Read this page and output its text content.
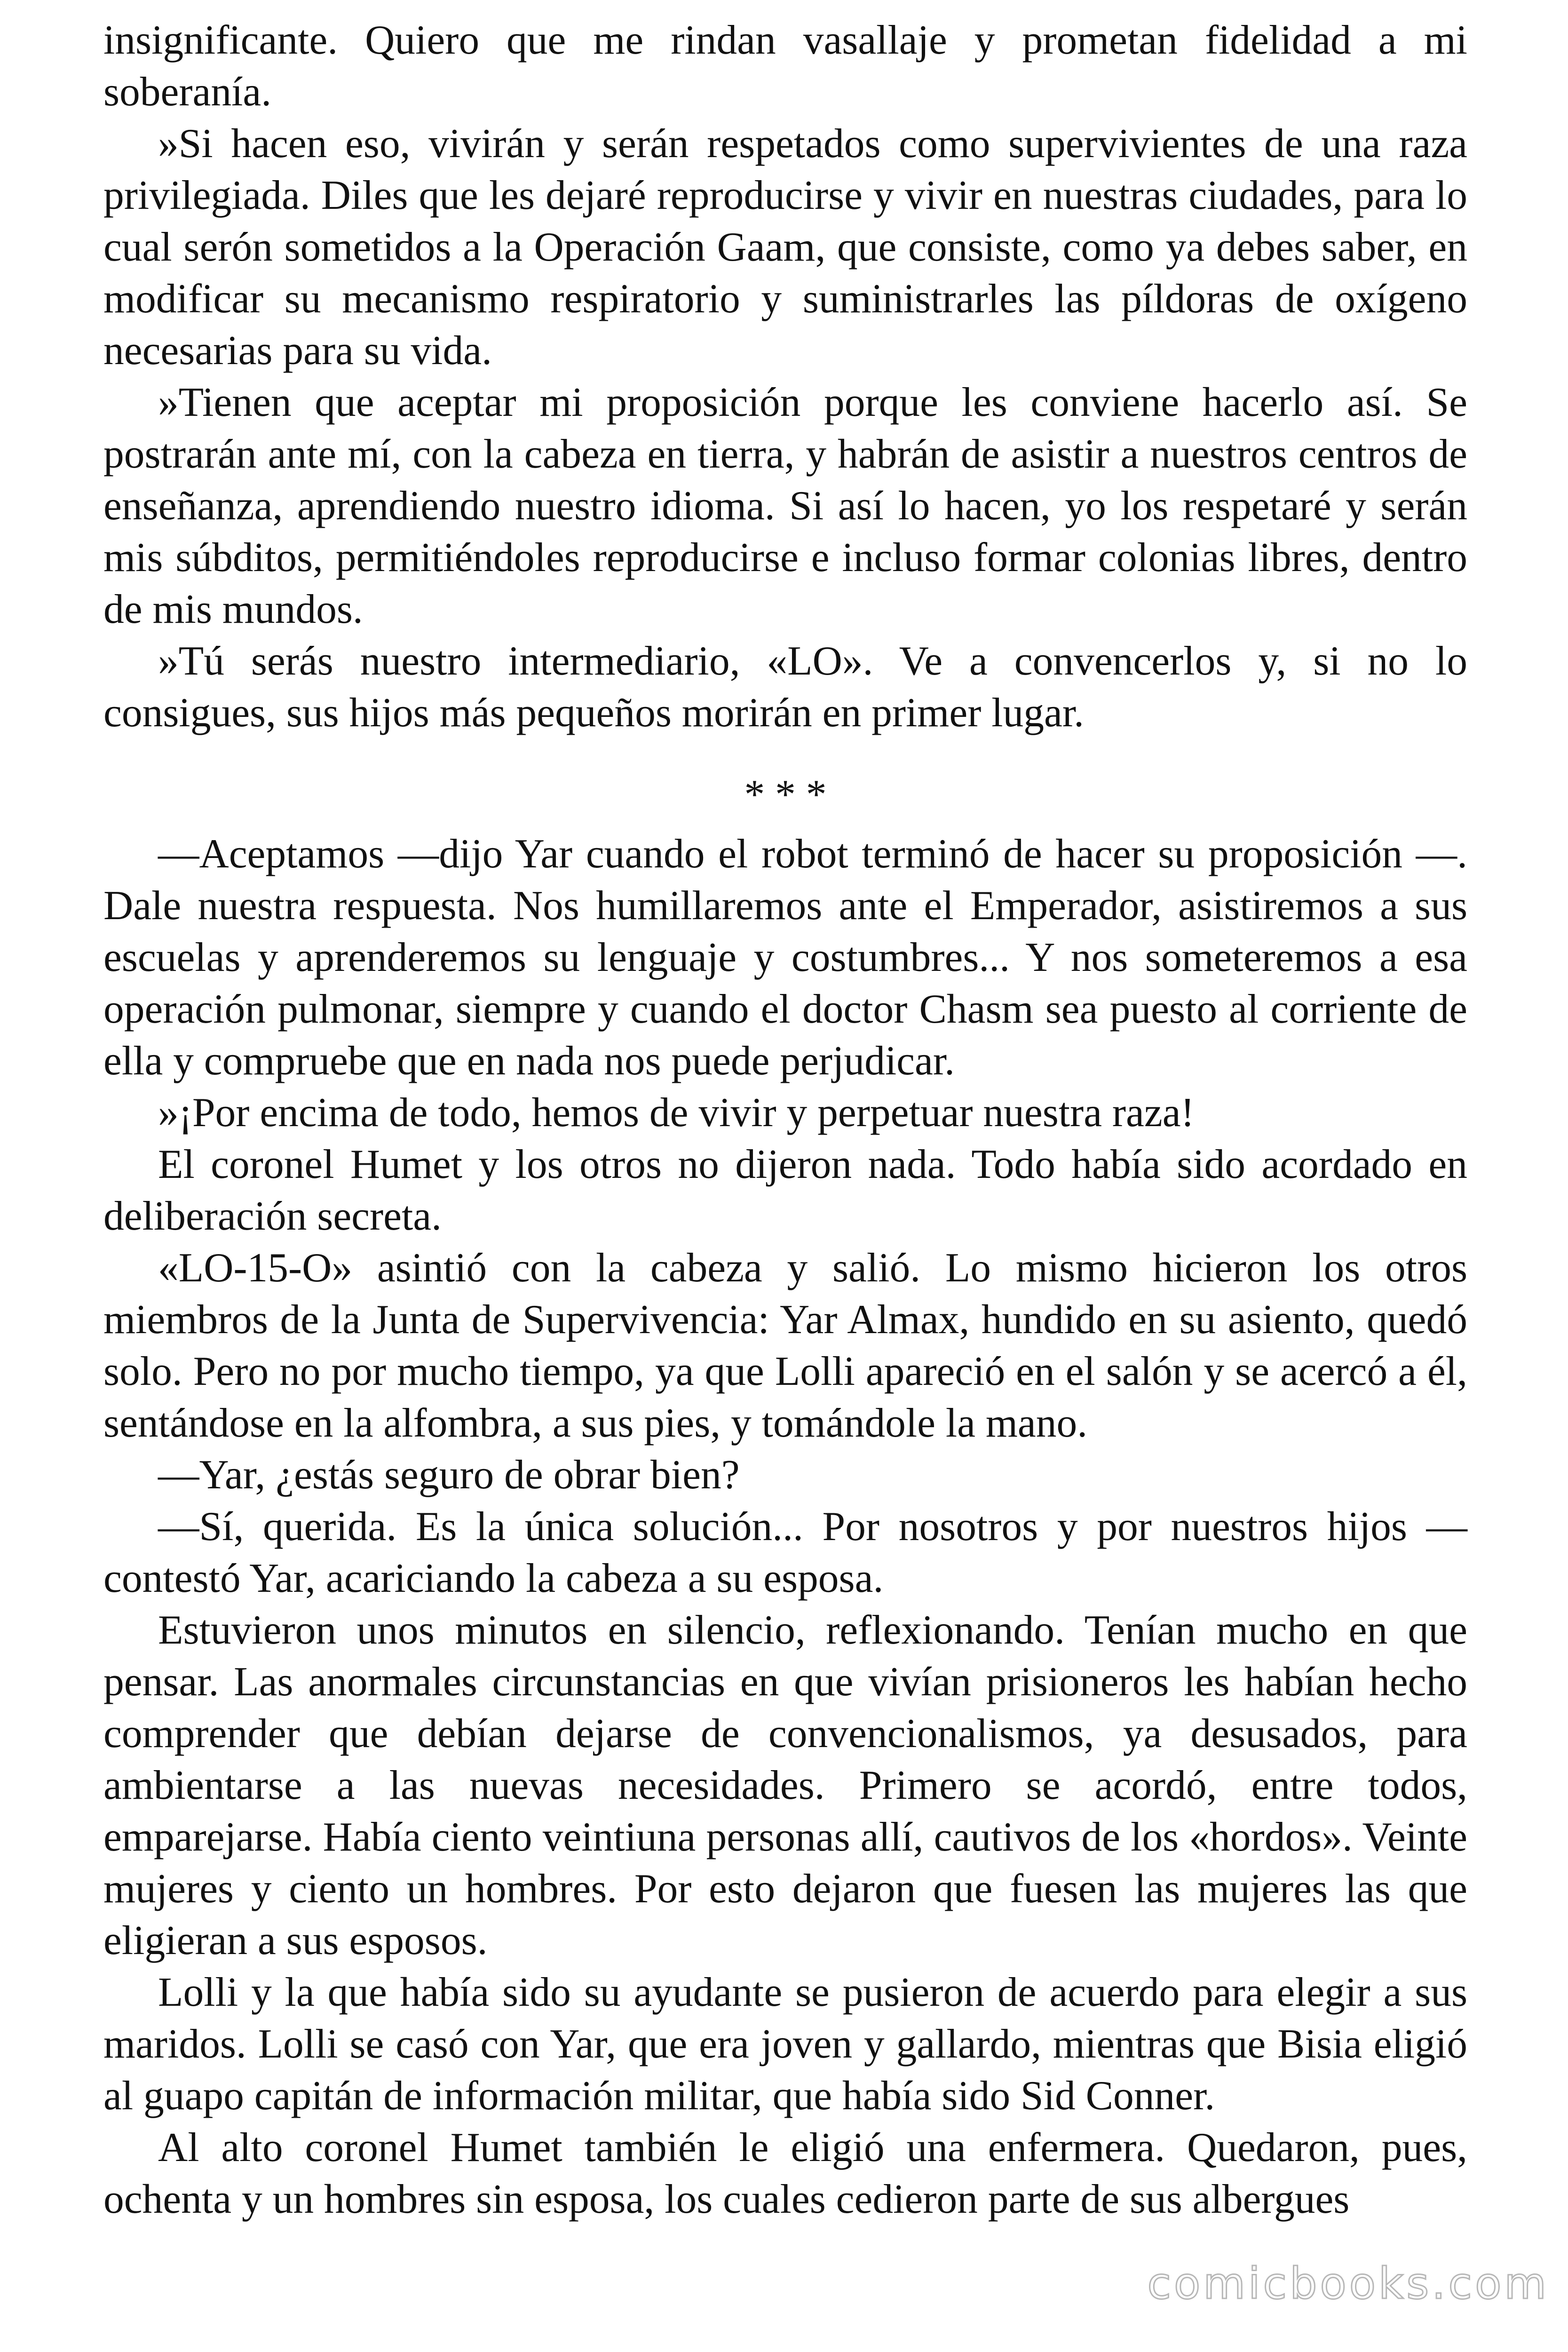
insignificante. Quiero que me rindan vasallaje y prometan fidelidad a mi soberanía.

»Si hacen eso, vivirán y serán respetados como supervivientes de una raza privilegiada. Diles que les dejaré reproducirse y vivir en nuestras ciudades, para lo cual serón sometidos a la Operación Gaam, que consiste, como ya debes saber, en modificar su mecanismo respiratorio y suministrarles las píldoras de oxígeno necesarias para su vida.

»Tienen que aceptar mi proposición porque les conviene hacerlo así. Se postrarán ante mí, con la cabeza en tierra, y habrán de asistir a nuestros centros de enseñanza, aprendiendo nuestro idioma. Si así lo hacen, yo los respetaré y serán mis súbditos, permitiéndoles reproducirse e incluso formar colonias libres, dentro de mis mundos.

»Tú serás nuestro intermediario, «LO». Ve a convencerlos y, si no lo consigues, sus hijos más pequeños morirán en primer lugar.

* * *

—Aceptamos —dijo Yar cuando el robot terminó de hacer su proposición —. Dale nuestra respuesta. Nos humillaremos ante el Emperador, asistiremos a sus escuelas y aprenderemos su lenguaje y costumbres... Y nos someteremos a esa operación pulmonar, siempre y cuando el doctor Chasm sea puesto al corriente de ella y compruebe que en nada nos puede perjudicar.

»¡Por encima de todo, hemos de vivir y perpetuar nuestra raza!

El coronel Humet y los otros no dijeron nada. Todo había sido acordado en deliberación secreta.

«LO-15-O» asintió con la cabeza y salió. Lo mismo hicieron los otros miembros de la Junta de Supervivencia: Yar Almax, hundido en su asiento, quedó solo. Pero no por mucho tiempo, ya que Lolli apareció en el salón y se acercó a él, sentándose en la alfombra, a sus pies, y tomándole la mano.

—Yar, ¿estás seguro de obrar bien?

—Sí, querida. Es la única solución... Por nosotros y por nuestros hijos — contestó Yar, acariciando la cabeza a su esposa.

Estuvieron unos minutos en silencio, reflexionando. Tenían mucho en que pensar. Las anormales circunstancias en que vivían prisioneros les habían hecho comprender que debían dejarse de convencionalismos, ya desusados, para ambientarse a las nuevas necesidades. Primero se acordó, entre todos, emparejarse. Había ciento veintiuna personas allí, cautivos de los «hordos». Veinte mujeres y ciento un hombres. Por esto dejaron que fuesen las mujeres las que eligieran a sus esposos.

Lolli y la que había sido su ayudante se pusieron de acuerdo para elegir a sus maridos. Lolli se casó con Yar, que era joven y gallardo, mientras que Bisia eligió al guapo capitán de información militar, que había sido Sid Conner.

Al alto coronel Humet también le eligió una enfermera. Quedaron, pues, ochenta y un hombres sin esposa, los cuales cedieron parte de sus albergues

comicbooks.com
